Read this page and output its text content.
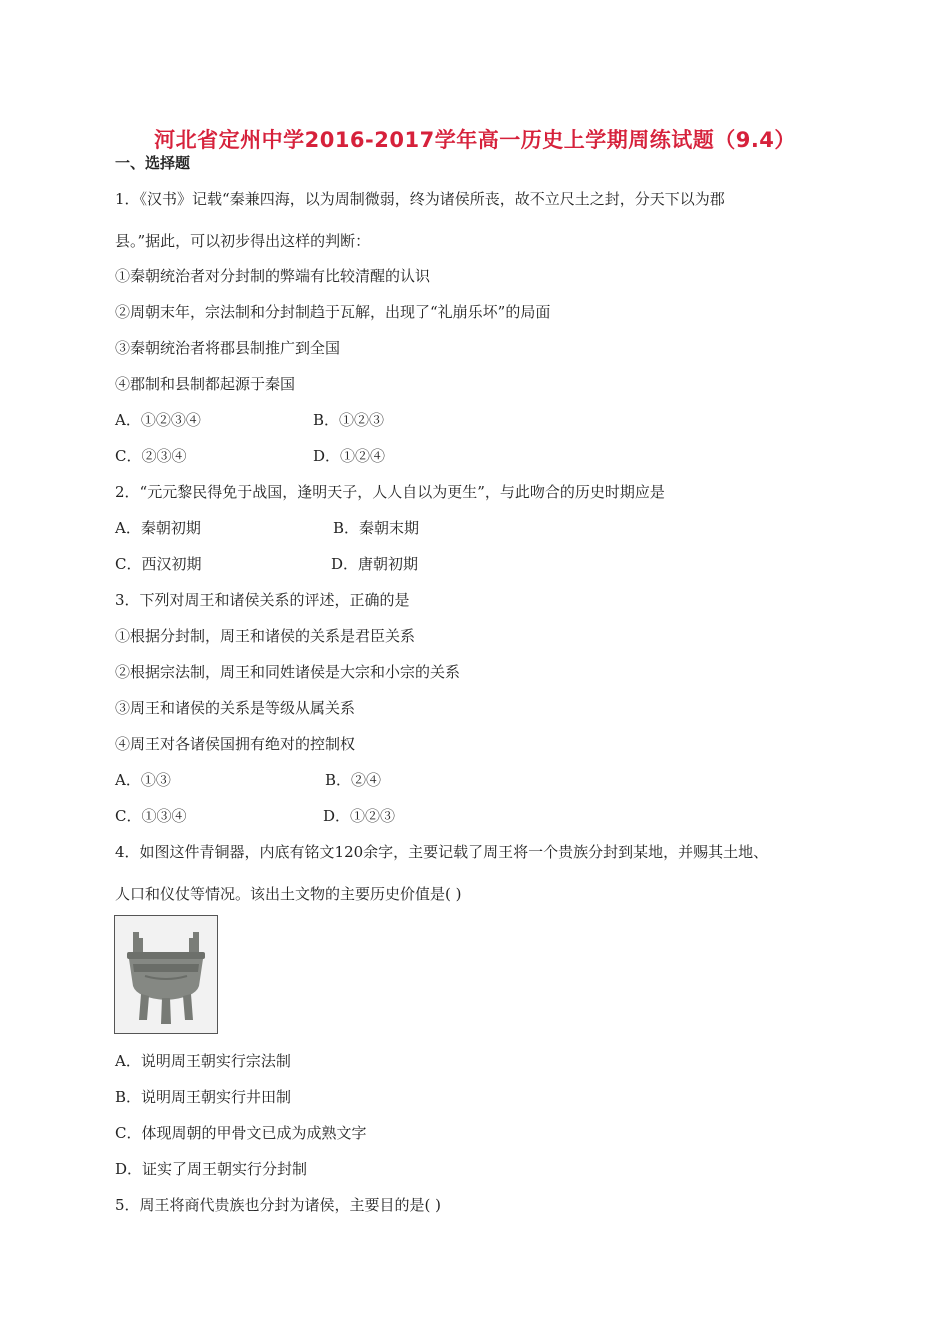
河北省定州中学2016-2017学年高一历史上学期周练试题（9.4）
一、选择题
1．《汉书》记载“秦兼四海，以为周制微弱，终为诸侯所丧，故不立尺土之封，分天下以为郡
县。”据此，可以初步得出这样的判断：
①秦朝统治者对分封制的弊端有比较清醒的认识
②周朝末年，宗法制和分封制趋于瓦解，出现了“礼崩乐坏”的局面
③秦朝统治者将郡县制推广到全国
④郡制和县制都起源于秦国
A．①②③④	B．①②③
C．②③④	D．①②④
2．“元元黎民得免于战国，逢明天子，人人自以为更生”，与此吻合的历史时期应是
A．秦朝初期	B．秦朝末期
C．西汉初期	D．唐朝初期
3．下列对周王和诸侯关系的评述，正确的是
①根据分封制，周王和诸侯的关系是君臣关系
②根据宗法制，周王和同姓诸侯是大宗和小宗的关系
③周王和诸侯的关系是等级从属关系
④周王对各诸侯国拥有绝对的控制权
A．①③	B．②④
C．①③④	D．①②③
4．如图这件青铜器，内底有铭文120余字，主要记载了周王将一个贵族分封到某地，并赐其土地、
人口和仪仗等情况。该出土文物的主要历史价值是( )
A．说明周王朝实行宗法制
B．说明周王朝实行井田制
C．体现周朝的甲骨文已成为成熟文字
D．证实了周王朝实行分封制
5．周王将商代贵族也分封为诸侯，主要目的是( )
